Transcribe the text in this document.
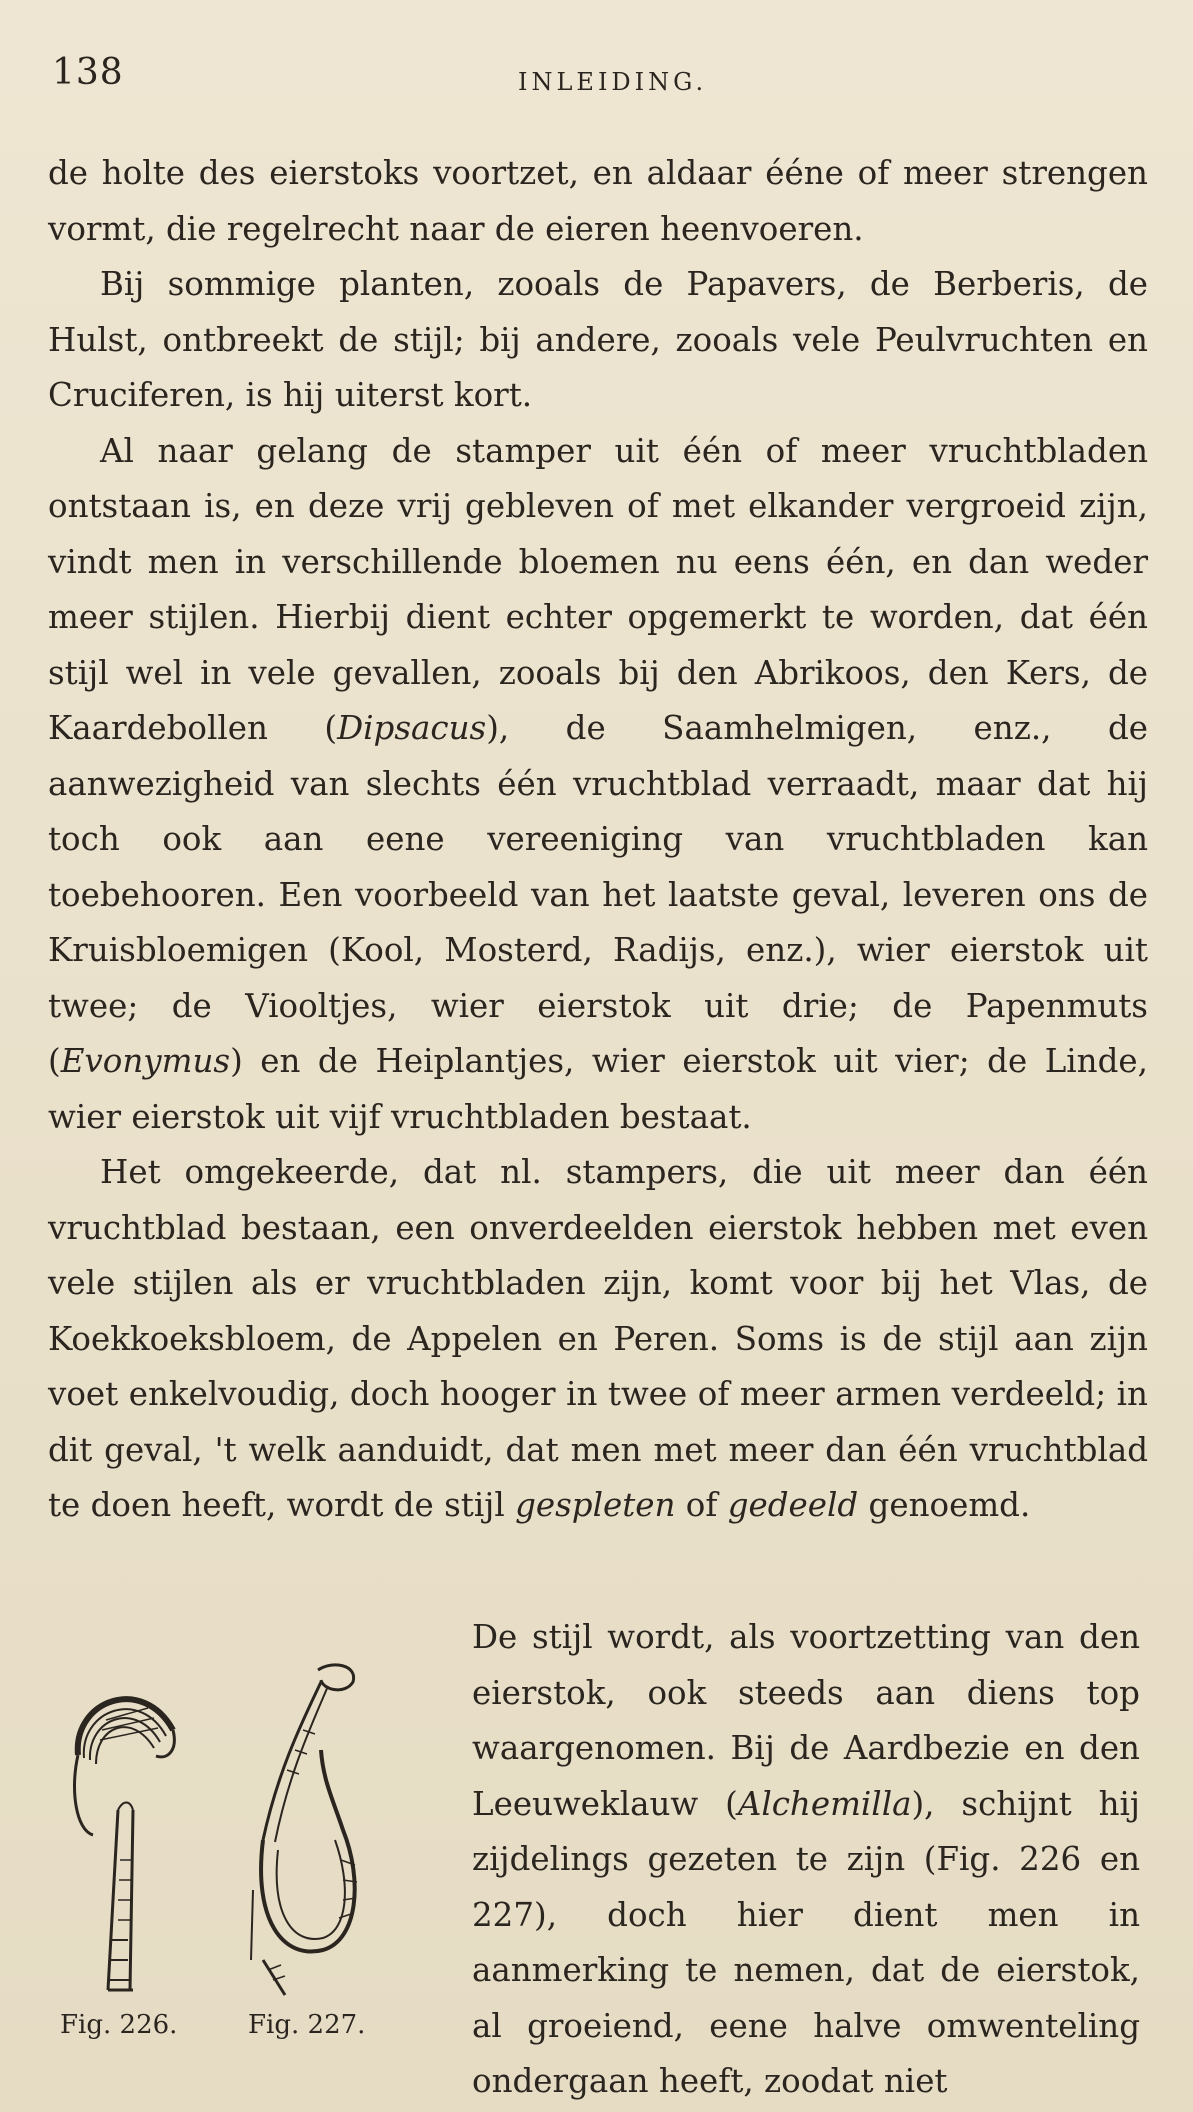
138	INLEIDING.

de holte des eierstoks voortzet, en aldaar ééne of meer strengen vormt, die regelrecht naar de eieren heenvoeren.

Bij sommige planten, zooals de Papavers, de Berberis, de Hulst, ontbreekt de stijl; bij andere, zooals vele Peulvruchten en Cruciferen, is hij uiterst kort.

Al naar gelang de stamper uit één of meer vruchtbladen ontstaan is, en deze vrij gebleven of met elkander vergroeid zijn, vindt men in verschillende bloemen nu eens één, en dan weder meer stijlen. Hierbij dient echter opgemerkt te worden, dat één stijl wel in vele gevallen, zooals bij den Abrikoos, den Kers, de Kaardebollen (Dipsacus), de Saamhelmigen, enz., de aanwezigheid van slechts één vruchtblad verraadt, maar dat hij toch ook aan eene vereeniging van vruchtbladen kan toebehooren. Een voorbeeld van het laatste geval, leveren ons de Kruisbloemigen (Kool, Mosterd, Radijs, enz.), wier eierstok uit twee; de Viooltjes, wier eierstok uit drie; de Papenmuts (Evonymus) en de Heiplantjes, wier eierstok uit vier; de Linde, wier eierstok uit vijf vruchtbladen bestaat.

Het omgekeerde, dat nl. stampers, die uit meer dan één vruchtblad bestaan, een onverdeelden eierstok hebben met even vele stijlen als er vruchtbladen zijn, komt voor bij het Vlas, de Koekkoeksbloem, de Appelen en Peren. Soms is de stijl aan zijn voet enkelvoudig, doch hooger in twee of meer armen verdeeld; in dit geval, 't welk aanduidt, dat men met meer dan één vruchtblad te doen heeft, wordt de stijl gespleten of gedeeld genoemd.

Fig. 226.	Fig. 227.
De stijl wordt, als voortzetting van den eierstok, ook steeds aan diens top waargenomen. Bij de Aardbezie en den Leeuweklauw (Alchemilla), schijnt hij zijdelings gezeten te zijn (Fig. 226 en 227), doch hier dient men in aanmerking te nemen, dat de eierstok, al groeiend, eene halve omwenteling ondergaan heeft, zoodat niet
